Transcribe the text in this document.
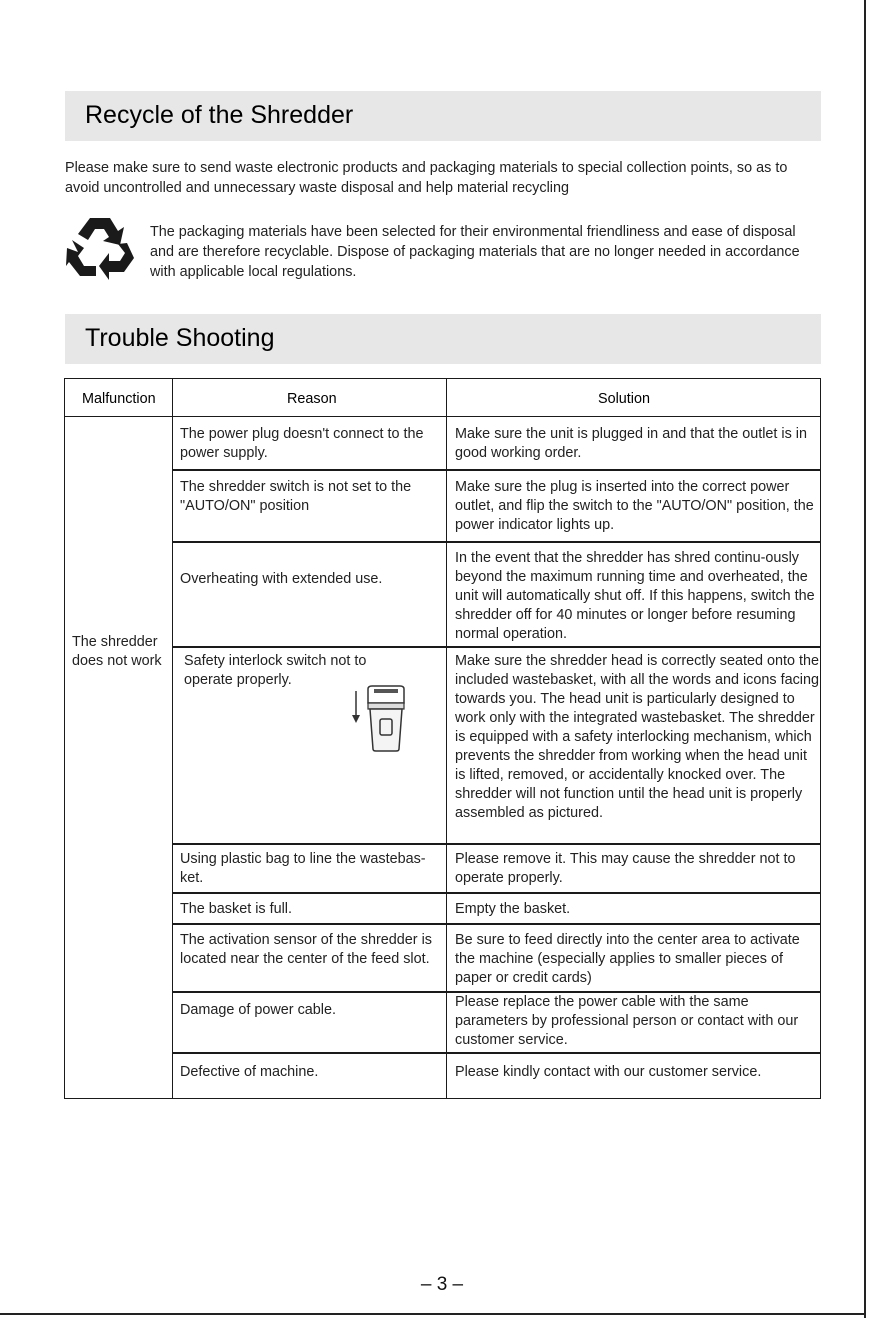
Recycle of the Shredder
Please make sure to send waste electronic products and packaging materials to special collection points, so as to avoid uncontrolled and unnecessary waste disposal and help material recycling
The packaging materials have been selected for their environmental friendliness and ease of disposal and are therefore recyclable. Dispose of packaging materials that are no longer needed in accordance with applicable local regulations.
Trouble Shooting
Malfunction	Reason	Solution
The shredder does not work
The power plug doesn't connect to the power supply.
The shredder switch is not set to the "AUTO/ON" position
Overheating with extended use.
Safety interlock switch not to operate properly.
Using plastic bag to line the wastebas-ket.
The basket is full.
The activation sensor of the shredder is located near the center of the feed slot.
Damage of power cable.
Defective of machine.
Make sure the unit is plugged in and that the outlet is in good working order.
Make sure the plug is inserted into the correct power outlet, and flip the switch to the "AUTO/ON" position, the power indicator lights up.
In the event that the shredder has shred continu-ously beyond the maximum running time and overheated, the unit will automatically shut off. If this happens, switch the shredder off for 40 minutes or longer before resuming normal operation.
Make sure the shredder head is correctly seated onto the included wastebasket, with all the words and icons facing towards you. The head unit is particularly designed to work only with the integrated wastebasket. The shredder is equipped with a safety interlocking mechanism, which prevents the shredder from working when the head unit is lifted, removed, or accidentally knocked over. The shredder will not function until the head unit is properly assembled as pictured.
Please remove it. This may cause the shredder not to operate properly.
Empty the basket.
Be sure to feed directly into the center area to activate the machine (especially applies to smaller pieces of paper or credit cards)
Please replace the power cable with the same parameters by professional person or contact with our customer service.
Please kindly contact with our customer service.
– 3 –
